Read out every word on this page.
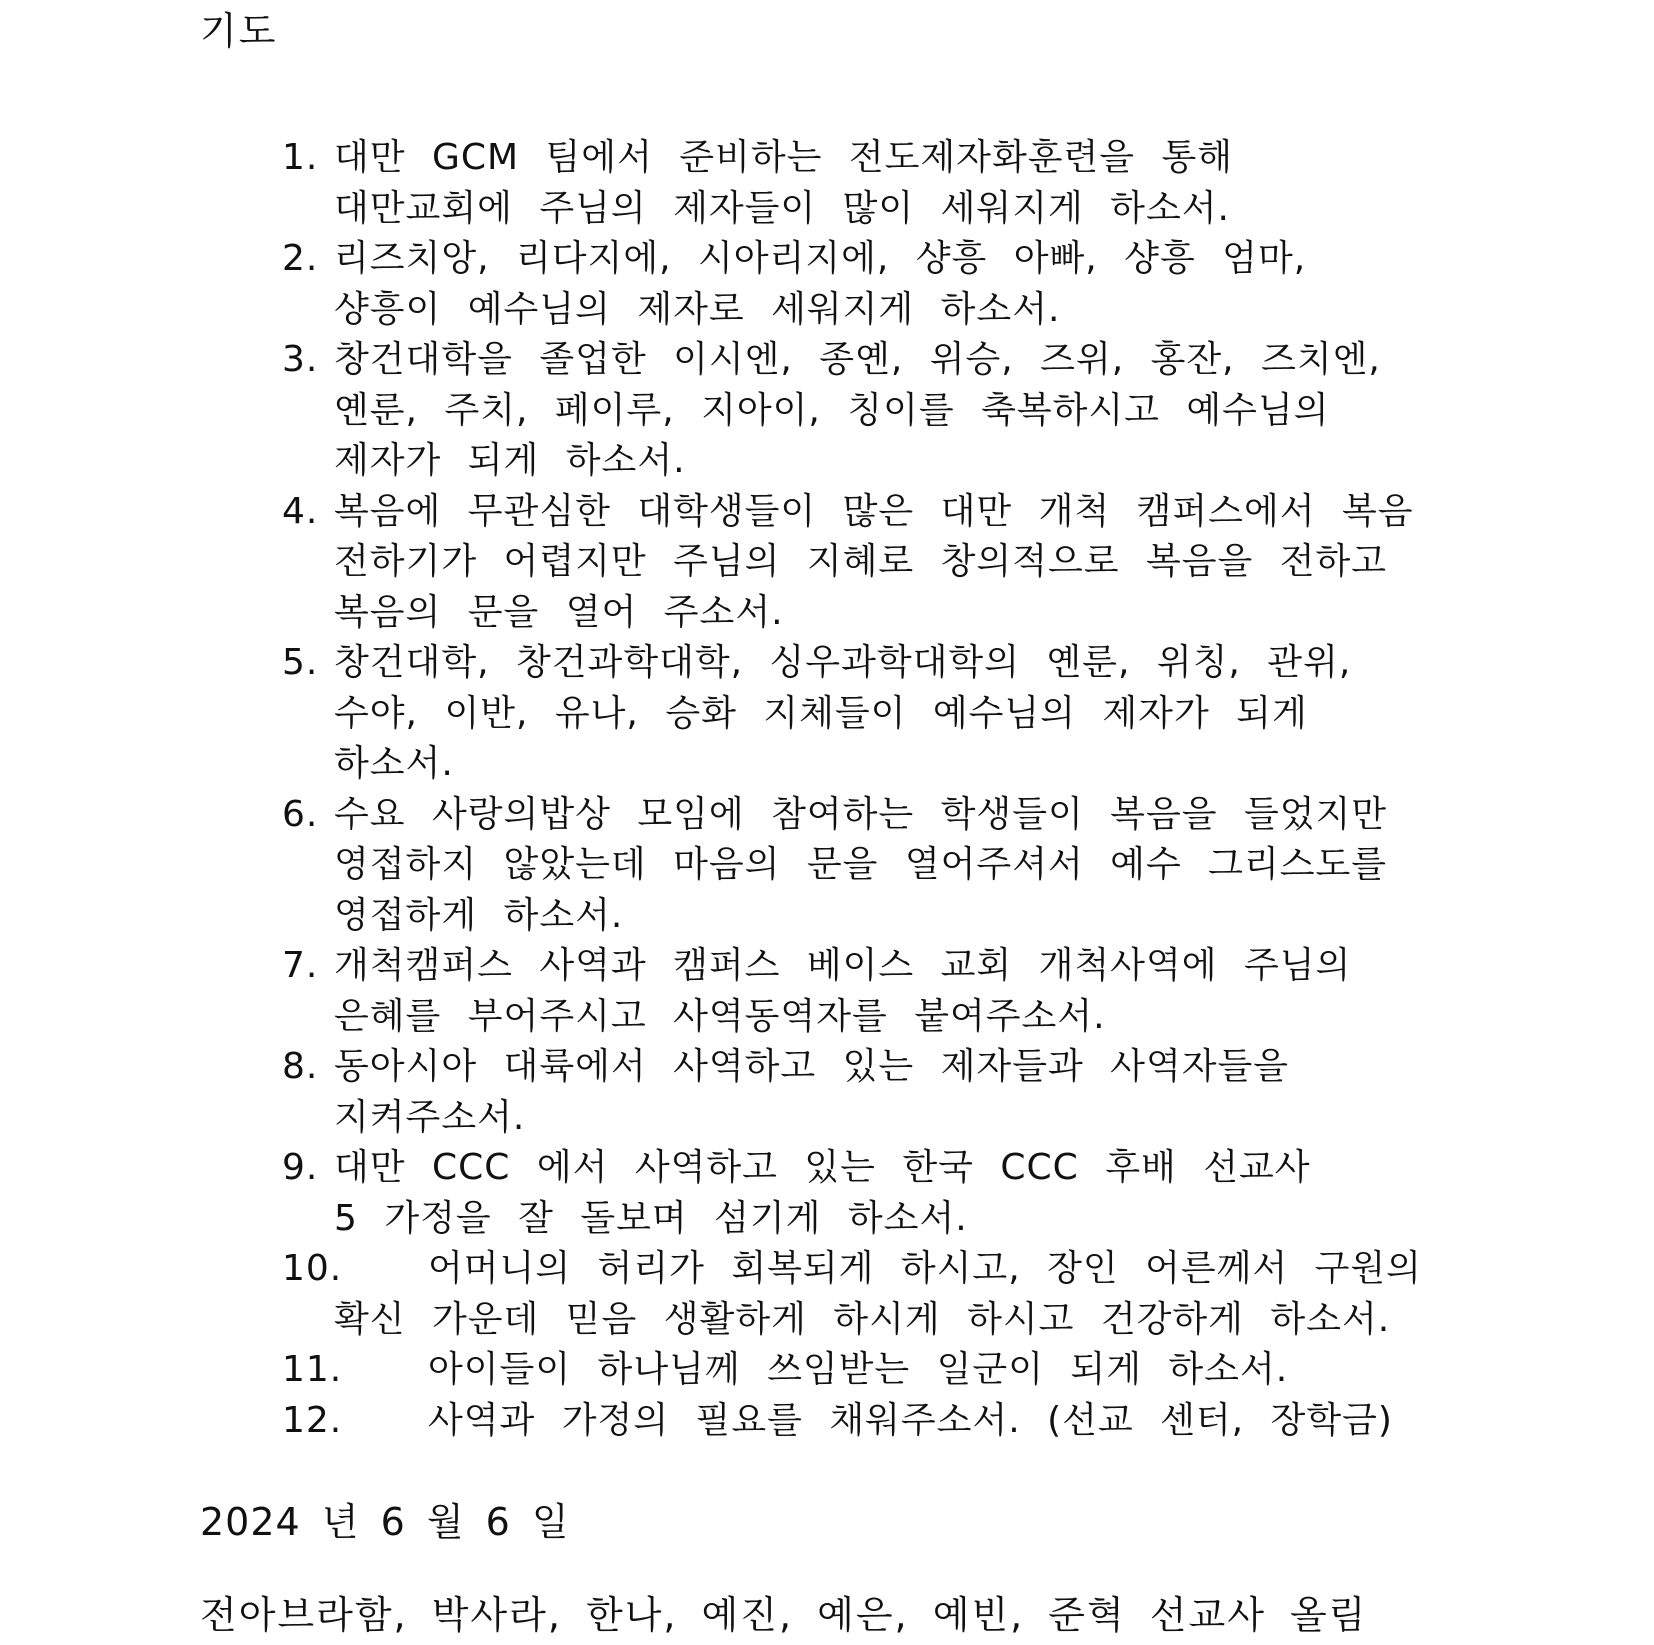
기도
1. 대만 GCM 팀에서 준비하는 전도제자화훈련을 통해
대만교회에 주님의 제자들이 많이 세워지게 하소서.
2. 리즈치앙, 리다지에, 시아리지에, 샹흥 아빠, 샹흥 엄마,
샹흥이 예수님의 제자로 세워지게 하소서.
3. 창건대학을 졸업한 이시엔, 종옌, 위승, 즈위, 홍잔, 즈치엔,
옌룬, 주치, 페이루, 지아이, 칭이를 축복하시고 예수님의
제자가 되게 하소서.
4. 복음에 무관심한 대학생들이 많은 대만 개척 캠퍼스에서 복음
전하기가 어렵지만 주님의 지혜로 창의적으로 복음을 전하고
복음의 문을 열어 주소서.
5. 창건대학, 창건과학대학, 싱우과학대학의 옌룬, 위칭, 관위,
수야, 이반, 유나, 승화 지체들이 예수님의 제자가 되게
하소서.
6. 수요 사랑의밥상 모임에 참여하는 학생들이 복음을 들었지만
영접하지 않았는데 마음의 문을 열어주셔서 예수 그리스도를
영접하게 하소서.
7. 개척캠퍼스 사역과 캠퍼스 베이스 교회 개척사역에 주님의
은혜를 부어주시고 사역동역자를 붙여주소서.
8. 동아시아 대륙에서 사역하고 있는 제자들과 사역자들을
지켜주소서.
9. 대만 CCC 에서 사역하고 있는 한국 CCC 후배 선교사
5 가정을 잘 돌보며 섬기게 하소서.
10.	어머니의 허리가 회복되게 하시고, 장인 어른께서 구원의
확신 가운데 믿음 생활하게 하시게 하시고 건강하게 하소서.
11.	아이들이 하나님께 쓰임받는 일군이 되게 하소서.
12.	사역과 가정의 필요를 채워주소서. (선교 센터, 장학금)
2024 년 6 월 6 일
전아브라함, 박사라, 한나, 예진, 예은, 예빈, 준혁 선교사 올림
